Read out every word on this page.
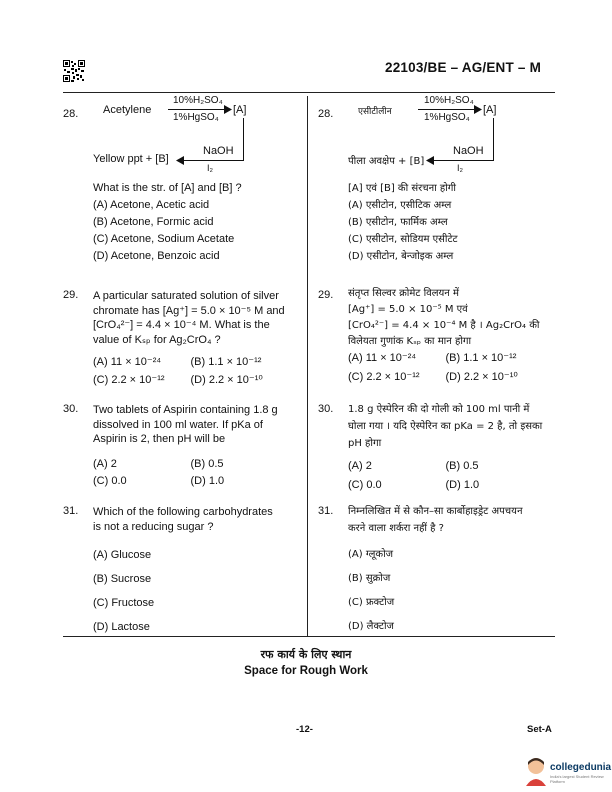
22103/BE – AG/ENT – M
28. Acetylene
10%H₂SO₄
1%HgSO₄
[A]
NaOH
I₂
Yellow ppt + [B]
What is the str. of [A] and [B] ?
(A) Acetone, Acetic acid
(B) Acetone, Formic acid
(C) Acetone, Sodium Acetate
(D) Acetone, Benzoic acid
29. A particular saturated solution of silver
chromate has [Ag⁺] = 5.0 × 10⁻⁵ M and
[CrO₄²⁻] = 4.4 × 10⁻⁴ M. What is the
value of Kₛₚ for Ag₂CrO₄ ?
(A) 11 × 10⁻²⁴	(B) 1.1 × 10⁻¹²
(C) 2.2 × 10⁻¹²	(D) 2.2 × 10⁻¹⁰
30. Two tablets of Aspirin containing 1.8 g
dissolved in 100 ml water. If pKa of
Aspirin is 2, then pH will be
(A) 2	(B) 0.5
(C) 0.0	(D) 1.0
31. Which of the following carbohydrates
is not a reducing sugar ?
(A) Glucose
(B) Sucrose
(C) Fructose
(D) Lactose
28.	एसीटीलीन
10%H₂SO₄
1%HgSO₄
[A]
NaOH
I₂
पीला अवक्षेप + [B]
[A] एवं [B] की संरचना होगी
(A) एसीटोन, एसीटिक अम्ल
(B) एसीटोन, फार्मिक अम्ल
(C) एसीटोन, सोडियम एसीटेट
(D) एसीटोन, बेन्जोइक अम्ल
29. संतृप्त सिल्वर क्रोमेट विलयन में
[Ag⁺] = 5.0 × 10⁻⁵ M एवं
[CrO₄²⁻] = 4.4 × 10⁻⁴ M है । Ag₂CrO₄ की
विलेयता गुणांक Kₛₚ का मान होगा
(A) 11 × 10⁻²⁴	(B) 1.1 × 10⁻¹²
(C) 2.2 × 10⁻¹²	(D) 2.2 × 10⁻¹⁰
30. 1.8 g ऐस्पेरिन की दो गोली को 100 ml पानी में
घोला गया । यदि ऐस्पेरिन का pKa = 2 है, तो इसका
pH होगा
(A) 2	(B) 0.5
(C) 0.0	(D) 1.0
31. निम्नलिखित में से कौन–सा कार्बोहाइड्रेट अपचयन
करने वाला शर्करा नहीं है ?
(A) ग्लूकोज
(B) सुक्रोज
(C) फ्रक्टोज
(D) लैक्टोज
रफ कार्य के लिए स्थान
Space for Rough Work
-12-	Set-A
collegedunia
India's largest Student Review Platform
